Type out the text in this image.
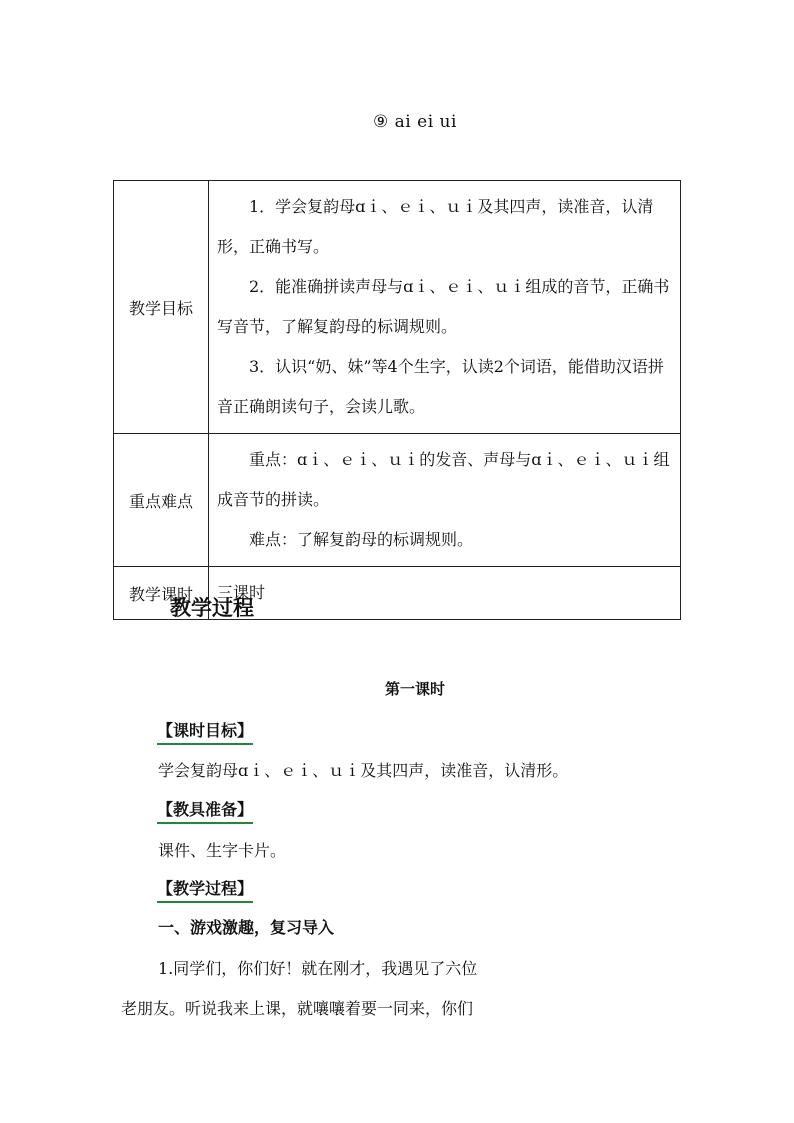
⑨ ai ei ui
教学目标	1．学会复韵母ɑｉ、ｅｉ、ｕｉ及其四声，读准音，认清形，正确书写。

2．能准确拼读声母与ɑｉ、ｅｉ、ｕｉ组成的音节，正确书写音节，了解复韵母的标调规则。

3．认识“奶、妹”等4个生字，认读2个词语，能借助汉语拼音正确朗读句子，会读儿歌。

重点难点	重点：ɑｉ、ｅｉ、ｕｉ的发音、声母与ɑｉ、ｅｉ、ｕｉ组成音节的拼读。

难点：了解复韵母的标调规则。

教学课时	三课时
教学过程
第一课时
【课时目标】
学会复韵母ɑｉ、ｅｉ、ｕｉ及其四声，读准音，认清形。
【教具准备】
课件、生字卡片。
【教学过程】
一、游戏激趣，复习导入
1.同学们，你们好！就在刚才，我遇见了六位
老朋友。听说我来上课，就嚷嚷着要一同来，你们
